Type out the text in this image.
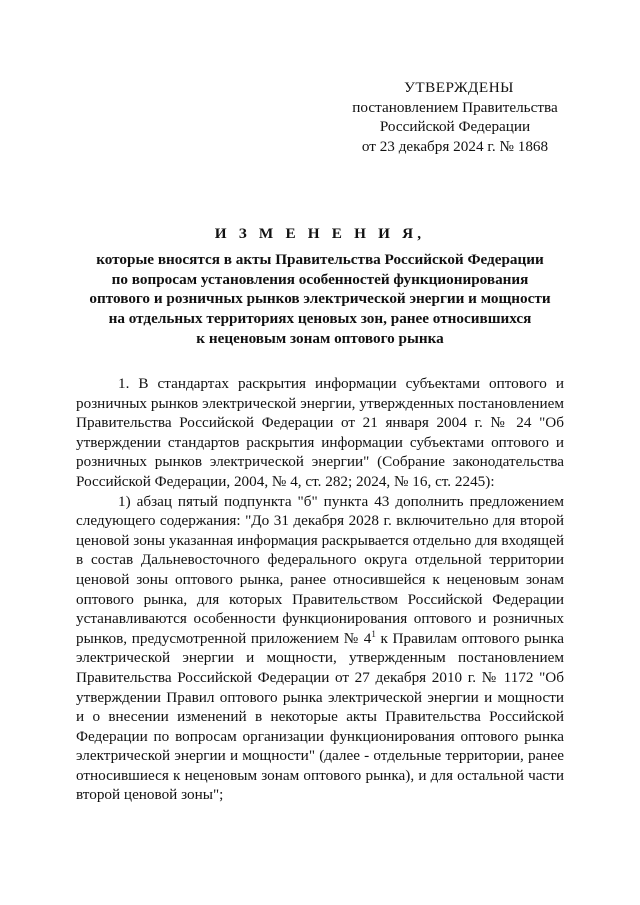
УТВЕРЖДЕНЫ
постановлением Правительства
Российской Федерации
от 23 декабря 2024 г. № 1868
И З М Е Н Е Н И Я,
которые вносятся в акты Правительства Российской Федерации
по вопросам установления особенностей функционирования
оптового и розничных рынков электрической энергии и мощности
на отдельных территориях ценовых зон, ранее относившихся
к неценовым зонам оптового рынка

1. В стандартах раскрытия информации субъектами оптового и розничных рынков электрической энергии, утвержденных постановлением Правительства Российской Федерации от 21 января 2004 г. № 24 "Об утверждении стандартов раскрытия информации субъектами оптового и розничных рынков электрической энергии" (Собрание законодательства Российской Федерации, 2004, № 4, ст. 282; 2024, № 16, ст. 2245):

1) абзац пятый подпункта "б" пункта 43 дополнить предложением следующего содержания: "До 31 декабря 2028 г. включительно для второй ценовой зоны указанная информация раскрывается отдельно для входящей в состав Дальневосточного федерального округа отдельной территории ценовой зоны оптового рынка, ранее относившейся к неценовым зонам оптового рынка, для которых Правительством Российской Федерации устанавливаются особенности функционирования оптового и розничных рынков, предусмотренной приложением № $4^1$ к Правилам оптового рынка электрической энергии и мощности, утвержденным постановлением Правительства Российской Федерации от 27 декабря 2010 г. № 1172 "Об утверждении Правил оптового рынка электрической энергии и мощности и о внесении изменений в некоторые акты Правительства Российской Федерации по вопросам организации функционирования оптового рынка электрической энергии и мощности" (далее - отдельные территории, ранее относившиеся к неценовым зонам оптового рынка), и для остальной части второй ценовой зоны";
